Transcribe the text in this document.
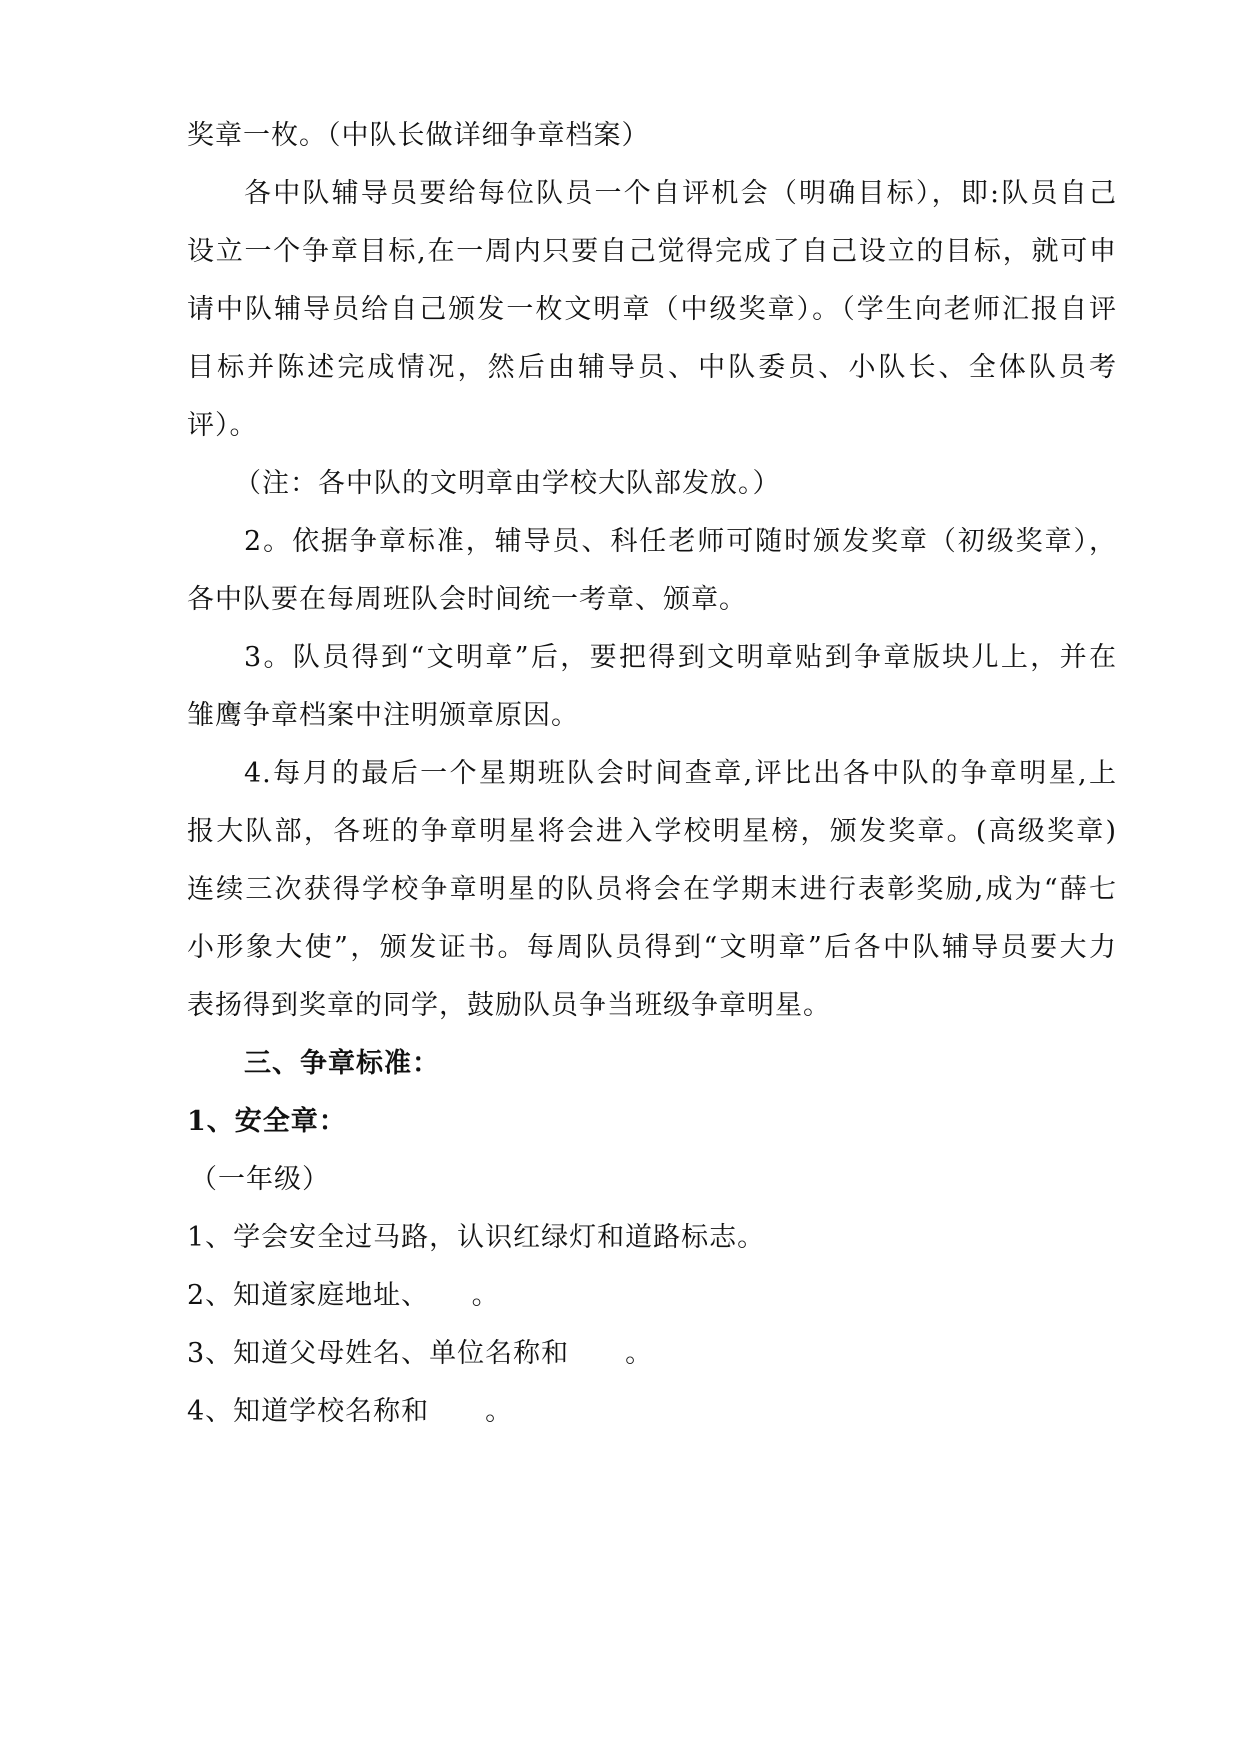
奖章一枚。（中队长做详细争章档案）
各中队辅导员要给每位队员一个自评机会（明确目标），即:队员自己
设立一个争章目标,在一周内只要自己觉得完成了自己设立的目标，就可申
请中队辅导员给自己颁发一枚文明章（中级奖章）。（学生向老师汇报自评
目标并陈述完成情况，然后由辅导员、中队委员、小队长、全体队员考
评）。
（注：各中队的文明章由学校大队部发放。）
2。依据争章标准，辅导员、科任老师可随时颁发奖章（初级奖章），
各中队要在每周班队会时间统一考章、颁章。
3。队员得到“文明章”后，要把得到文明章贴到争章版块儿上，并在
雏鹰争章档案中注明颁章原因。
4.每月的最后一个星期班队会时间查章,评比出各中队的争章明星,上
报大队部，各班的争章明星将会进入学校明星榜，颁发奖章。(高级奖章)
连续三次获得学校争章明星的队员将会在学期末进行表彰奖励,成为“薛七
小形象大使”，颁发证书。每周队员得到“文明章”后各中队辅导员要大力
表扬得到奖章的同学，鼓励队员争当班级争章明星。
三、争章标准：
1、安全章：
（一年级）
1、学会安全过马路，认识红绿灯和道路标志。
2、知道家庭地址、　　。
3、知道父母姓名、单位名称和　　。
4、知道学校名称和　　。
